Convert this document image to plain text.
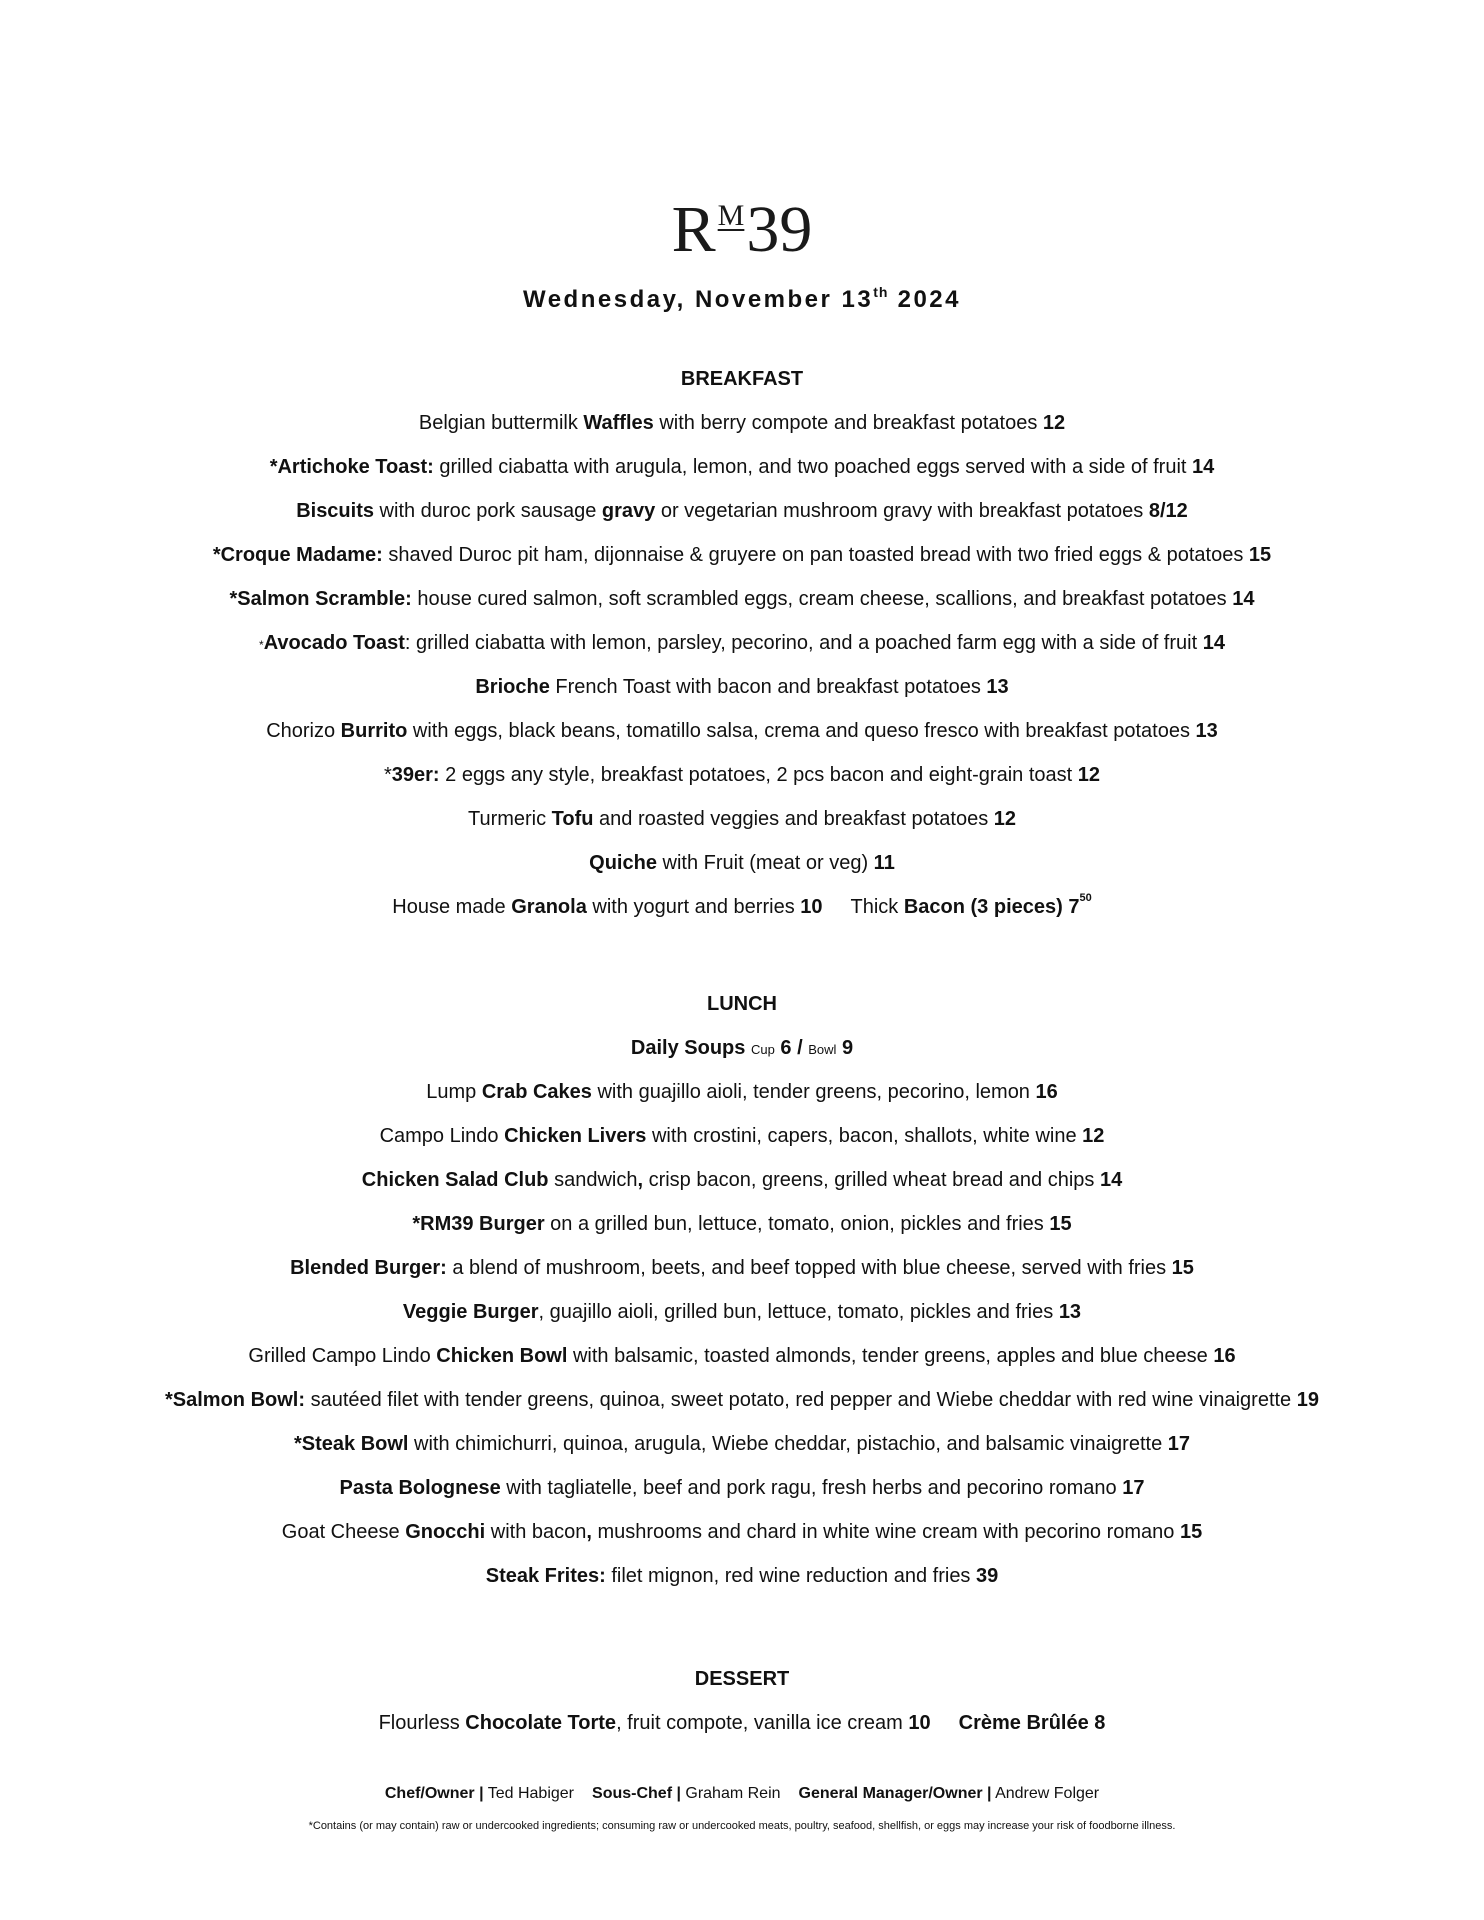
$R^M39$
Wednesday, November 13th 2024
BREAKFAST
Belgian buttermilk Waffles with berry compote and breakfast potatoes 12
*Artichoke Toast: grilled ciabatta with arugula, lemon, and two poached eggs served with a side of fruit 14
Biscuits with duroc pork sausage gravy or vegetarian mushroom gravy with breakfast potatoes 8/12
*Croque Madame: shaved Duroc pit ham, dijonnaise & gruyere on pan toasted bread with two fried eggs & potatoes 15
*Salmon Scramble: house cured salmon, soft scrambled eggs, cream cheese, scallions, and breakfast potatoes 14
*Avocado Toast: grilled ciabatta with lemon, parsley, pecorino, and a poached farm egg with a side of fruit 14
Brioche French Toast with bacon and breakfast potatoes 13
Chorizo Burrito with eggs, black beans, tomatillo salsa, crema and queso fresco with breakfast potatoes 13
*39er: 2 eggs any style, breakfast potatoes, 2 pcs bacon and eight-grain toast 12
Turmeric Tofu and roasted veggies and breakfast potatoes 12
Quiche with Fruit (meat or veg) 11
House made Granola with yogurt and berries 10 Thick Bacon (3 pieces) $7^{50}$
LUNCH
Daily Soups Cup 6 / Bowl 9
Lump Crab Cakes with guajillo aioli, tender greens, pecorino, lemon 16
Campo Lindo Chicken Livers with crostini, capers, bacon, shallots, white wine 12
Chicken Salad Club sandwich, crisp bacon, greens, grilled wheat bread and chips 14
*RM39 Burger on a grilled bun, lettuce, tomato, onion, pickles and fries 15
Blended Burger: a blend of mushroom, beets, and beef topped with blue cheese, served with fries 15
Veggie Burger, guajillo aioli, grilled bun, lettuce, tomato, pickles and fries 13
Grilled Campo Lindo Chicken Bowl with balsamic, toasted almonds, tender greens, apples and blue cheese 16
*Salmon Bowl: sautéed filet with tender greens, quinoa, sweet potato, red pepper and Wiebe cheddar with red wine vinaigrette 19
*Steak Bowl with chimichurri, quinoa, arugula, Wiebe cheddar, pistachio, and balsamic vinaigrette 17
Pasta Bolognese with tagliatelle, beef and pork ragu, fresh herbs and pecorino romano 17
Goat Cheese Gnocchi with bacon, mushrooms and chard in white wine cream with pecorino romano 15
Steak Frites: filet mignon, red wine reduction and fries 39
DESSERT
Flourless Chocolate Torte, fruit compote, vanilla ice cream 10 Crème Brûlée 8
Chef/Owner | Ted Habiger Sous-Chef | Graham Rein General Manager/Owner | Andrew Folger
*Contains (or may contain) raw or undercooked ingredients; consuming raw or undercooked meats, poultry, seafood, shellfish, or eggs may increase your risk of foodborne illness.
